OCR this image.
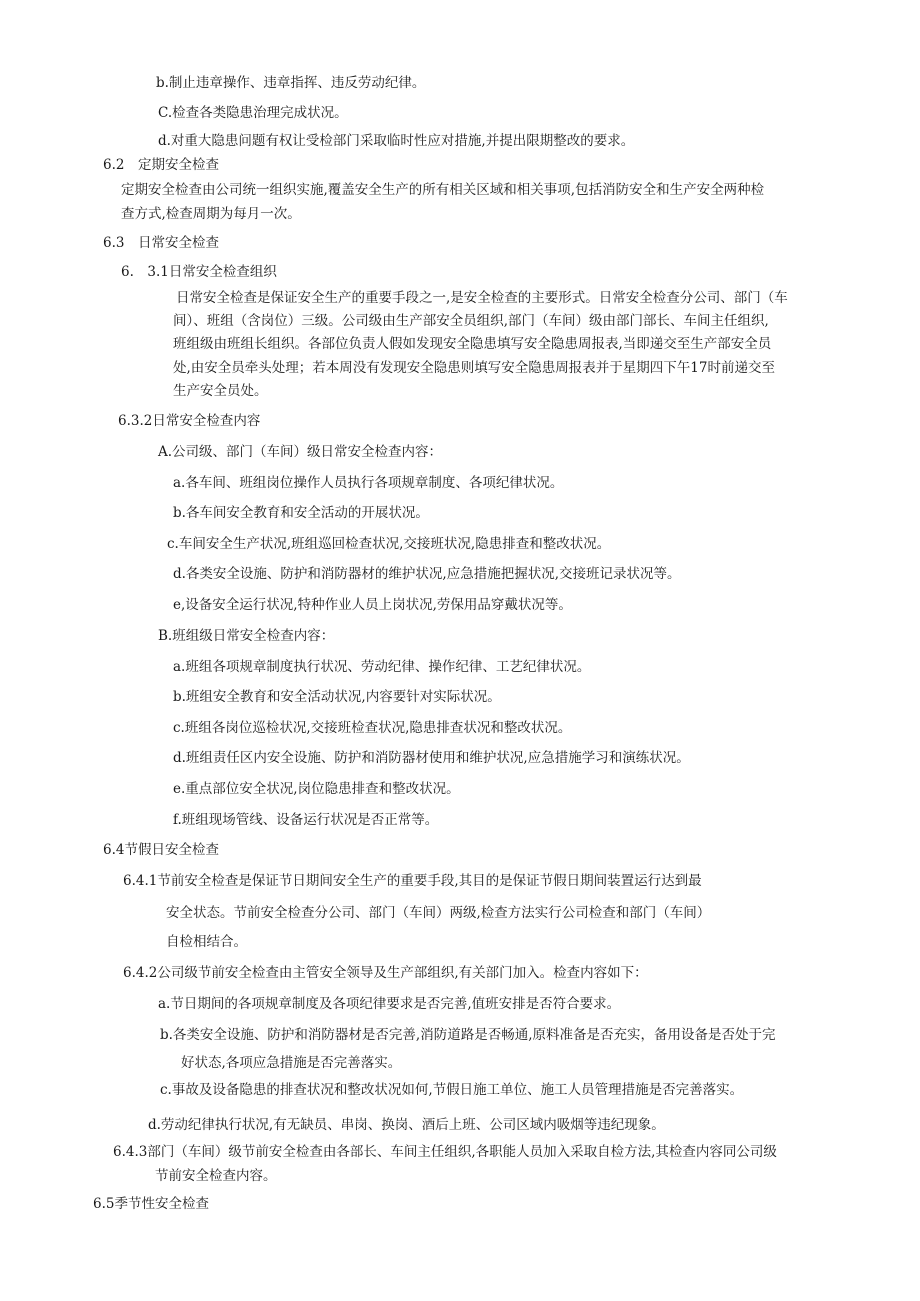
b.制止违章操作、违章指挥、违反劳动纪律。
C.检查各类隐患治理完成状况。
d.对重大隐患问题有权让受检部门采取临时性应对措施,并提出限期整改的要求。
6.2　定期安全检查
定期安全检查由公司统一组织实施,覆盖安全生产的所有相关区域和相关事项,包括消防安全和生产安全两种检
查方式,检查周期为每月一次。
6.3　日常安全检查
6.　3.1日常安全检查组织
日常安全检查是保证安全生产的重要手段之一,是安全检查的主要形式。日常安全检查分公司、部门（车
间）、班组（含岗位）三级。公司级由生产部安全员组织,部门（车间）级由部门部长、车间主任组织,
班组级由班组长组织。各部位负责人假如发现安全隐患填写安全隐患周报表,当即递交至生产部安全员
处,由安全员牵头处理；若本周没有发现安全隐患则填写安全隐患周报表并于星期四下午17时前递交至
生产安全员处。
6.3.2日常安全检查内容
A.公司级、部门（车间）级日常安全检查内容：
a.各车间、班组岗位操作人员执行各项规章制度、各项纪律状况。
b.各车间安全教育和安全活动的开展状况。
c.车间安全生产状况,班组巡回检查状况,交接班状况,隐患排查和整改状况。
d.各类安全设施、防护和消防器材的维护状况,应急措施把握状况,交接班记录状况等。
e,设备安全运行状况,特种作业人员上岗状况,劳保用品穿戴状况等。
B.班组级日常安全检查内容：
a.班组各项规章制度执行状况、劳动纪律、操作纪律、工艺纪律状况。
b.班组安全教育和安全活动状况,内容要针对实际状况。
c.班组各岗位巡检状况,交接班检查状况,隐患排查状况和整改状况。
d.班组责任区内安全设施、防护和消防器材使用和维护状况,应急措施学习和演练状况。
e.重点部位安全状况,岗位隐患排查和整改状况。
f.班组现场管线、设备运行状况是否正常等。
6.4节假日安全检查
6.4.1节前安全检查是保证节日期间安全生产的重要手段,其目的是保证节假日期间装置运行达到最
安全状态。节前安全检查分公司、部门（车间）两级,检查方法实行公司检查和部门（车间）
自检相结合。
6.4.2公司级节前安全检查由主管安全领导及生产部组织,有关部门加入。检查内容如下：
a.节日期间的各项规章制度及各项纪律要求是否完善,值班安排是否符合要求。
b.各类安全设施、防护和消防器材是否完善,消防道路是否畅通,原料准备是否充实，备用设备是否处于完
好状态,各项应急措施是否完善落实。
c.事故及设备隐患的排查状况和整改状况如何,节假日施工单位、施工人员管理措施是否完善落实。
d.劳动纪律执行状况,有无缺员、串岗、换岗、酒后上班、公司区域内吸烟等违纪现象。
6.4.3部门（车间）级节前安全检查由各部长、车间主任组织,各职能人员加入采取自检方法,其检查内容同公司级
节前安全检查内容。
6.5季节性安全检查
